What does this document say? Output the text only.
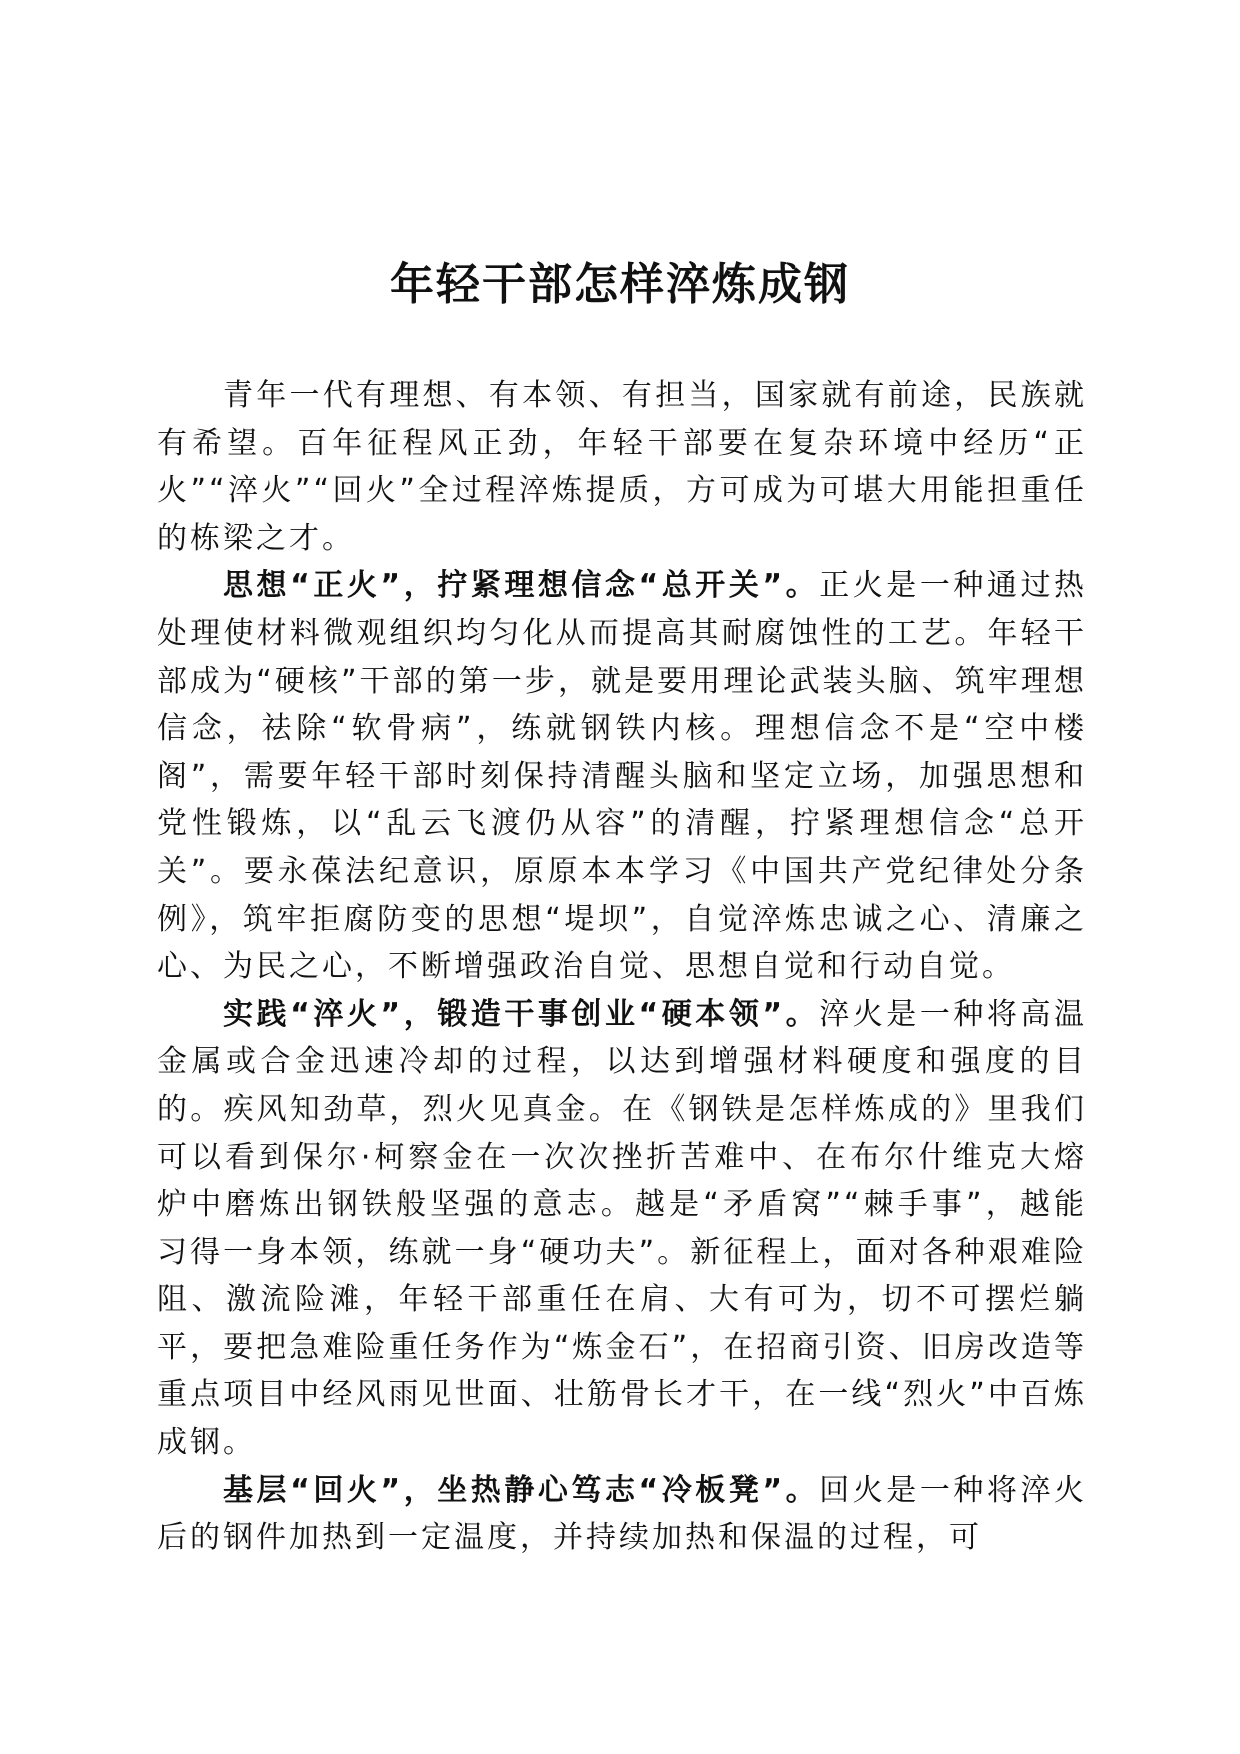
年轻干部怎样淬炼成钢

青年一代有理想、有本领、有担当，国家就有前途，民族就有希望。百年征程风正劲，年轻干部要在复杂环境中经历“正火”“淬火”“回火”全过程淬炼提质，方可成为可堪大用能担重任的栋梁之才。

思想“正火”，拧紧理想信念“总开关”。正火是一种通过热处理使材料微观组织均匀化从而提高其耐腐蚀性的工艺。年轻干部成为“硬核”干部的第一步，就是要用理论武装头脑、筑牢理想信念，祛除“软骨病”，练就钢铁内核。理想信念不是“空中楼阁”，需要年轻干部时刻保持清醒头脑和坚定立场，加强思想和党性锻炼，以“乱云飞渡仍从容”的清醒，拧紧理想信念“总开关”。要永葆法纪意识，原原本本学习《中国共产党纪律处分条例》，筑牢拒腐防变的思想“堤坝”，自觉淬炼忠诚之心、清廉之心、为民之心，不断增强政治自觉、思想自觉和行动自觉。

实践“淬火”，锻造干事创业“硬本领”。淬火是一种将高温金属或合金迅速冷却的过程，以达到增强材料硬度和强度的目的。疾风知劲草，烈火见真金。在《钢铁是怎样炼成的》里我们可以看到保尔·柯察金在一次次挫折苦难中、在布尔什维克大熔炉中磨炼出钢铁般坚强的意志。越是“矛盾窝”“棘手事”，越能习得一身本领，练就一身“硬功夫”。新征程上，面对各种艰难险阻、激流险滩，年轻干部重任在肩、大有可为，切不可摆烂躺平，要把急难险重任务作为“炼金石”，在招商引资、旧房改造等重点项目中经风雨见世面、壮筋骨长才干，在一线“烈火”中百炼成钢。

基层“回火”，坐热静心笃志“冷板凳”。回火是一种将淬火后的钢件加热到一定温度，并持续加热和保温的过程，可
